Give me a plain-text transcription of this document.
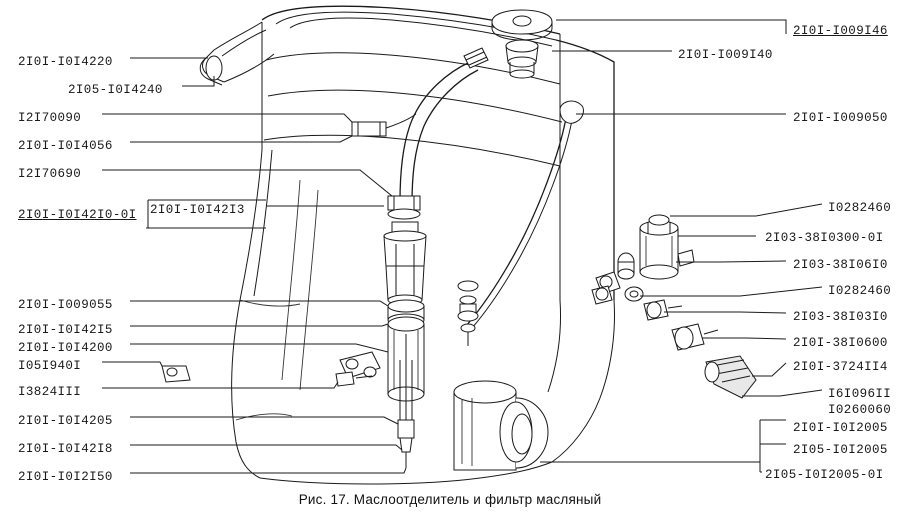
2I0I-I0I4220
2I05-I0I4240
I2I70090
2I0I-I0I4056
I2I70690
2I0I-I0I42I0-0I 2I0I-I0I42I3
2I0I-I009055
2I0I-I0I42I5
2I0I-I0I4200
I05I940I
I3824III
2I0I-I0I4205
2I0I-I0I42I8
2I0I-I0I2I50
2I0I-I009I46
2I0I-I009I40
2I0I-I009050
I0282460
2I03-38I0300-0I
2I03-38I06I0
I0282460
2I03-38I03I0
2I0I-38I0600
2I0I-3724II4
I6I096II
I0260060
2I0I-I0I2005
2I05-I0I2005
2I05-I0I2005-0I
Рис. 17. Маслоотделитель и фильтр масляный
